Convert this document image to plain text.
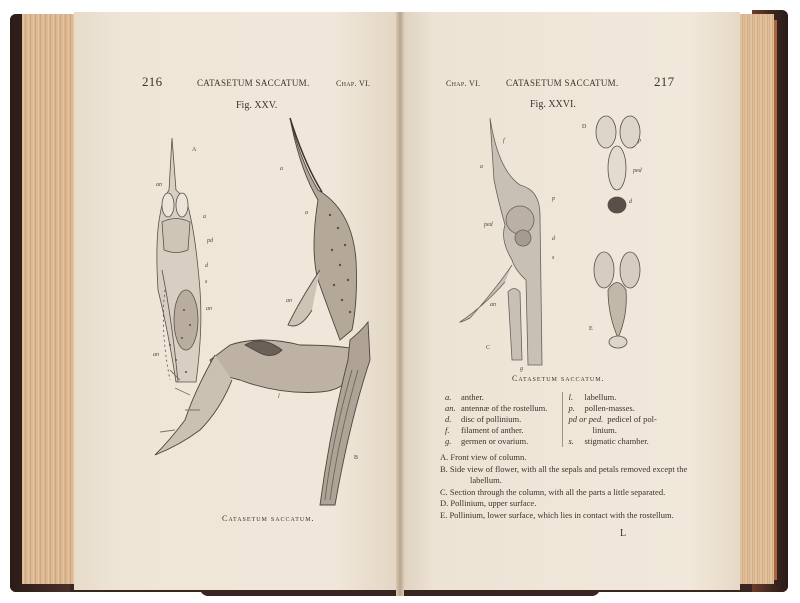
216	CATASETUM SACCATUM.	Chap. VI.
Fig. XXV.
A
B
an
a
pd
d
s
an
an
a
a
an
l
Catasetum saccatum.
Chap. VI.	CATASETUM SACCATUM.	217
Fig. XXVI.
C
D
E
f
a
p
ped
d
s
an
g
p
ped
d
Catasetum saccatum.
a. anther.
an. antennæ of the rostellum.
d. disc of pollinium.
f. filament of anther.
g. germen or ovarium.
l. labellum.
p. pollen-masses.
pd or ped. pedicel of pol-
linium.
s. stigmatic chamber.
A. Front view of column.
B. Side view of flower, with all the sepals and petals removed except the labellum.
C. Section through the column, with all the parts a little separated.
D. Pollinium, upper surface.
E. Pollinium, lower surface, which lies in contact with the rostellum.
L
